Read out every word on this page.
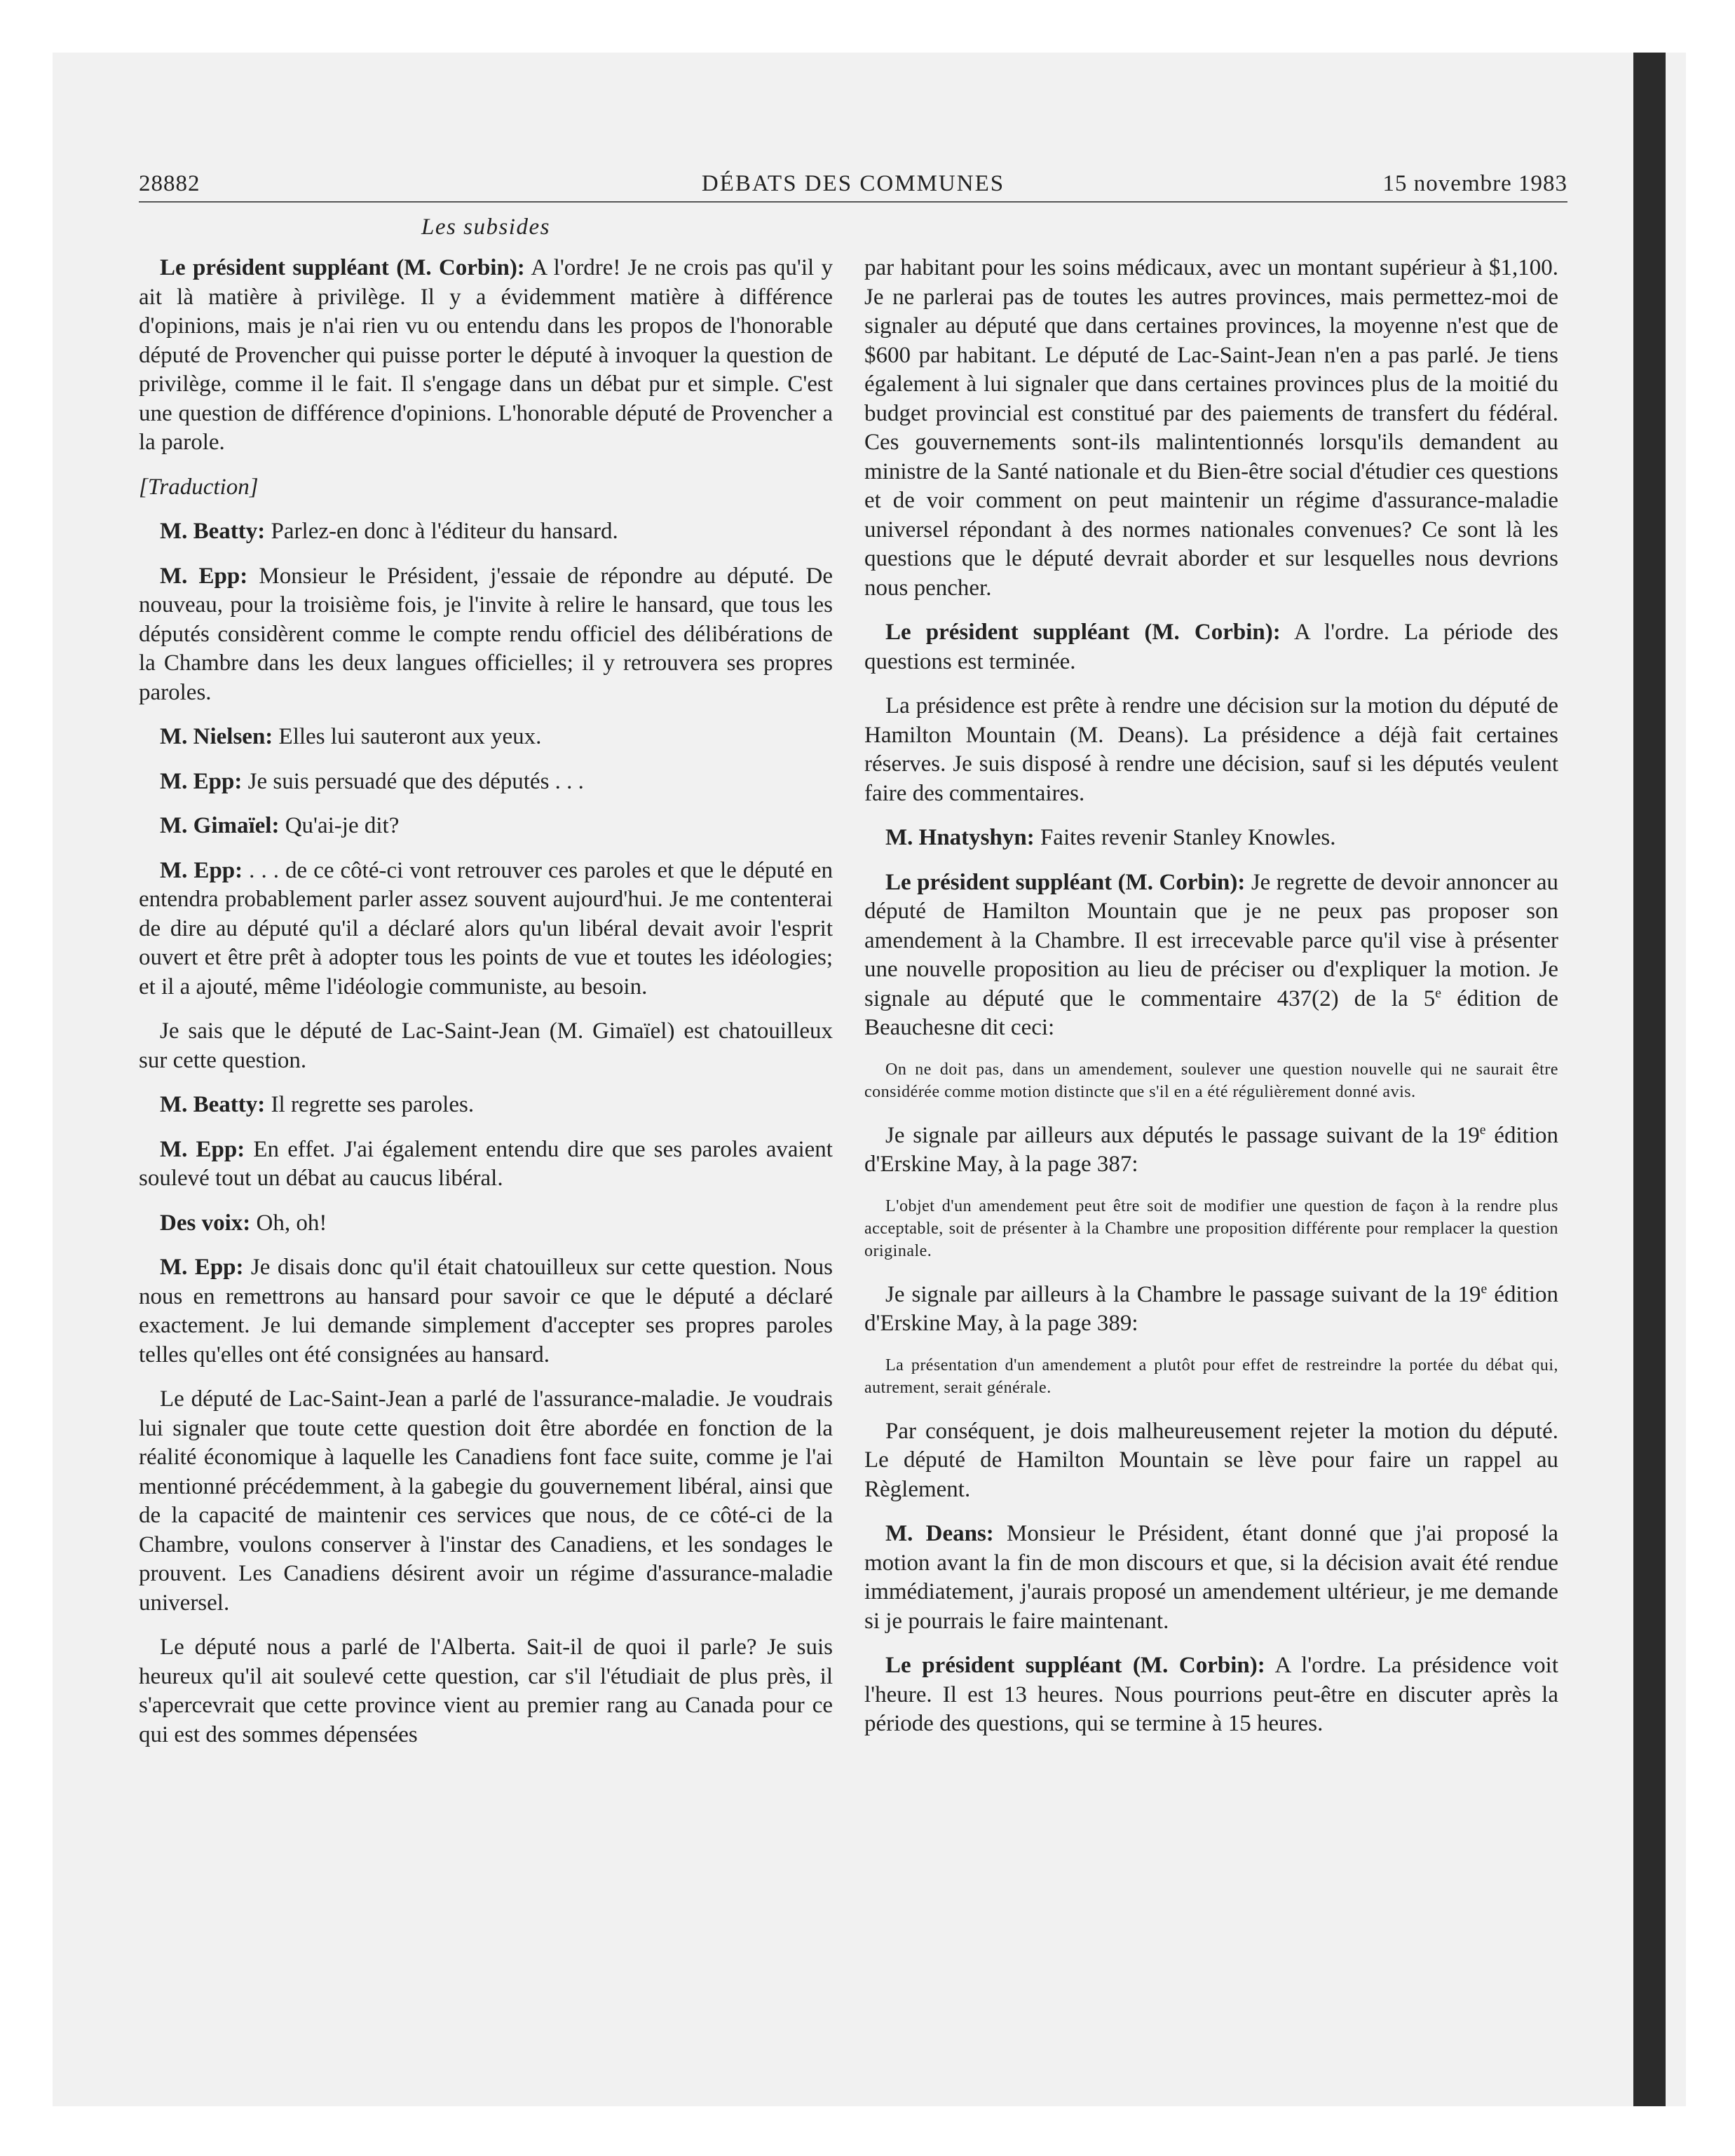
28882	DÉBATS DES COMMUNES	15 novembre 1983
Les subsides

Le président suppléant (M. Corbin): A l'ordre! Je ne crois pas qu'il y ait là matière à privilège. Il y a évidemment matière à différence d'opinions, mais je n'ai rien vu ou entendu dans les propos de l'honorable député de Provencher qui puisse porter le député à invoquer la question de privilège, comme il le fait. Il s'engage dans un débat pur et simple. C'est une question de différence d'opinions. L'honorable député de Provencher a la parole.

[Traduction]

M. Beatty: Parlez-en donc à l'éditeur du hansard.

M. Epp: Monsieur le Président, j'essaie de répondre au député. De nouveau, pour la troisième fois, je l'invite à relire le hansard, que tous les députés considèrent comme le compte rendu officiel des délibérations de la Chambre dans les deux langues officielles; il y retrouvera ses propres paroles.

M. Nielsen: Elles lui sauteront aux yeux.

M. Epp: Je suis persuadé que des députés . . .

M. Gimaïel: Qu'ai-je dit?

M. Epp: . . . de ce côté-ci vont retrouver ces paroles et que le député en entendra probablement parler assez souvent aujourd'hui. Je me contenterai de dire au député qu'il a déclaré alors qu'un libéral devait avoir l'esprit ouvert et être prêt à adopter tous les points de vue et toutes les idéologies; et il a ajouté, même l'idéologie communiste, au besoin.

Je sais que le député de Lac-Saint-Jean (M. Gimaïel) est chatouilleux sur cette question.

M. Beatty: Il regrette ses paroles.

M. Epp: En effet. J'ai également entendu dire que ses paroles avaient soulevé tout un débat au caucus libéral.

Des voix: Oh, oh!

M. Epp: Je disais donc qu'il était chatouilleux sur cette question. Nous nous en remettrons au hansard pour savoir ce que le député a déclaré exactement. Je lui demande simplement d'accepter ses propres paroles telles qu'elles ont été consignées au hansard.

Le député de Lac-Saint-Jean a parlé de l'assurance-maladie. Je voudrais lui signaler que toute cette question doit être abordée en fonction de la réalité économique à laquelle les Canadiens font face suite, comme je l'ai mentionné précédemment, à la gabegie du gouvernement libéral, ainsi que de la capacité de maintenir ces services que nous, de ce côté-ci de la Chambre, voulons conserver à l'instar des Canadiens, et les sondages le prouvent. Les Canadiens désirent avoir un régime d'assurance-maladie universel.

Le député nous a parlé de l'Alberta. Sait-il de quoi il parle? Je suis heureux qu'il ait soulevé cette question, car s'il l'étudiait de plus près, il s'apercevrait que cette province vient au premier rang au Canada pour ce qui est des sommes dépensées

par habitant pour les soins médicaux, avec un montant supérieur à $1,100. Je ne parlerai pas de toutes les autres provinces, mais permettez-moi de signaler au député que dans certaines provinces, la moyenne n'est que de $600 par habitant. Le député de Lac-Saint-Jean n'en a pas parlé. Je tiens également à lui signaler que dans certaines provinces plus de la moitié du budget provincial est constitué par des paiements de transfert du fédéral. Ces gouvernements sont-ils malintentionnés lorsqu'ils demandent au ministre de la Santé nationale et du Bien-être social d'étudier ces questions et de voir comment on peut maintenir un régime d'assurance-maladie universel répondant à des normes nationales convenues? Ce sont là les questions que le député devrait aborder et sur lesquelles nous devrions nous pencher.

Le président suppléant (M. Corbin): A l'ordre. La période des questions est terminée.

La présidence est prête à rendre une décision sur la motion du député de Hamilton Mountain (M. Deans). La présidence a déjà fait certaines réserves. Je suis disposé à rendre une décision, sauf si les députés veulent faire des commentaires.

M. Hnatyshyn: Faites revenir Stanley Knowles.

Le président suppléant (M. Corbin): Je regrette de devoir annoncer au député de Hamilton Mountain que je ne peux pas proposer son amendement à la Chambre. Il est irrecevable parce qu'il vise à présenter une nouvelle proposition au lieu de préciser ou d'expliquer la motion. Je signale au député que le commentaire 437(2) de la 5e édition de Beauchesne dit ceci:

On ne doit pas, dans un amendement, soulever une question nouvelle qui ne saurait être considérée comme motion distincte que s'il en a été régulièrement donné avis.

Je signale par ailleurs aux députés le passage suivant de la 19e édition d'Erskine May, à la page 387:

L'objet d'un amendement peut être soit de modifier une question de façon à la rendre plus acceptable, soit de présenter à la Chambre une proposition différente pour remplacer la question originale.

Je signale par ailleurs à la Chambre le passage suivant de la 19e édition d'Erskine May, à la page 389:

La présentation d'un amendement a plutôt pour effet de restreindre la portée du débat qui, autrement, serait générale.

Par conséquent, je dois malheureusement rejeter la motion du député. Le député de Hamilton Mountain se lève pour faire un rappel au Règlement.

M. Deans: Monsieur le Président, étant donné que j'ai proposé la motion avant la fin de mon discours et que, si la décision avait été rendue immédiatement, j'aurais proposé un amendement ultérieur, je me demande si je pourrais le faire maintenant.

Le président suppléant (M. Corbin): A l'ordre. La présidence voit l'heure. Il est 13 heures. Nous pourrions peut-être en discuter après la période des questions, qui se termine à 15 heures.
